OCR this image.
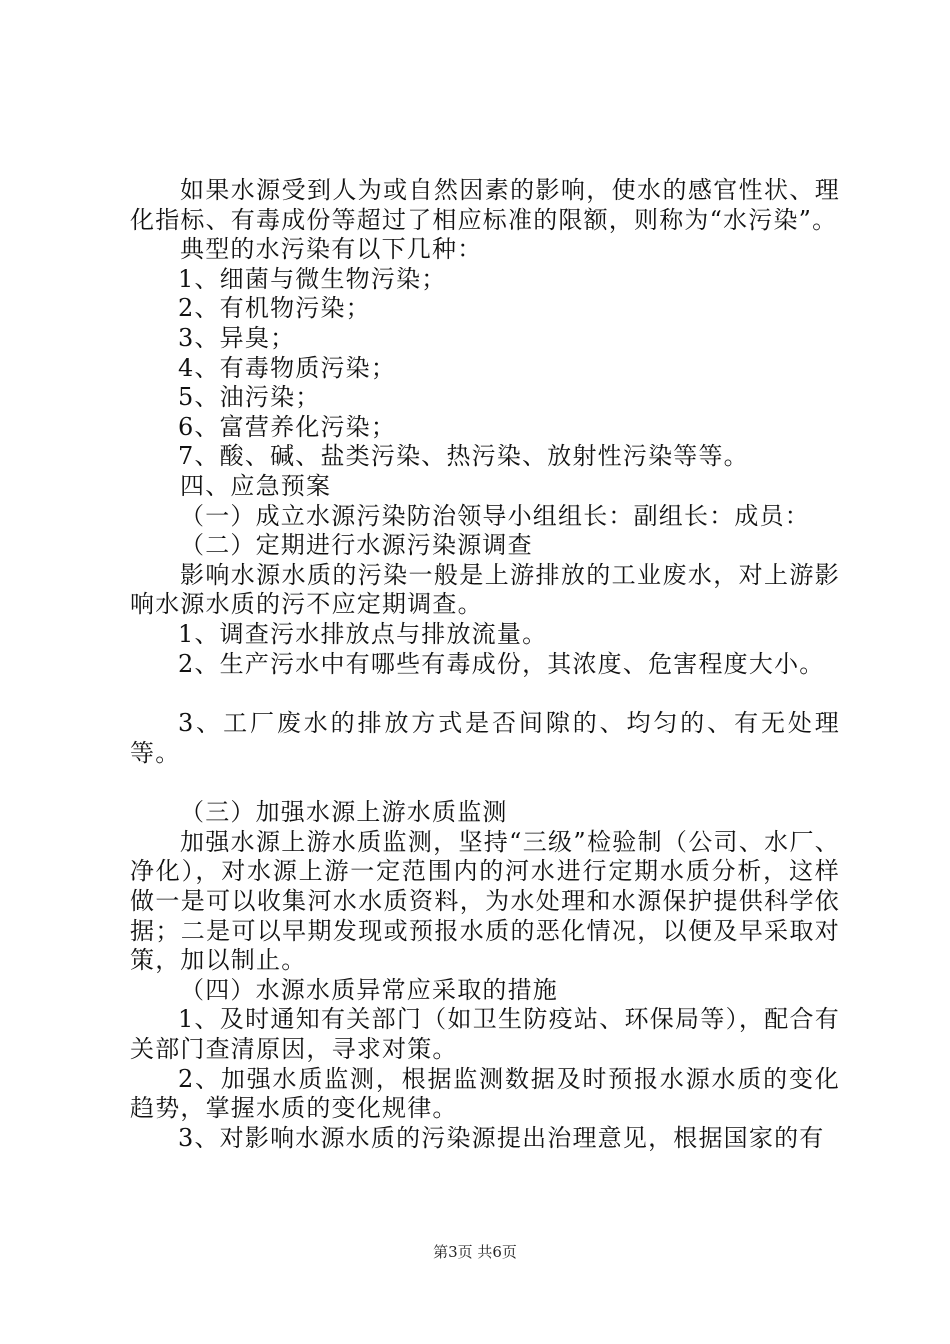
如果水源受到人为或自然因素的影响，使水的感官性状、理化指标、有毒成份等超过了相应标准的限额，则称为“水污染”。

典型的水污染有以下几种：

1、细菌与微生物污染；

2、有机物污染；

3、异臭；

4、有毒物质污染；

5、油污染；

6、富营养化污染；

7、酸、碱、盐类污染、热污染、放射性污染等等。

四、应急预案

（一）成立水源污染防治领导小组组长：副组长：成员：

（二）定期进行水源污染源调查

影响水源水质的污染一般是上游排放的工业废水，对上游影响水源水质的污不应定期调查。

1、调查污水排放点与排放流量。

2、生产污水中有哪些有毒成份，其浓度、危害程度大小。

3、工厂废水的排放方式是否间隙的、均匀的、有无处理等。

（三）加强水源上游水质监测

加强水源上游水质监测，坚持“三级”检验制（公司、水厂、净化），对水源上游一定范围内的河水进行定期水质分析，这样做一是可以收集河水水质资料，为水处理和水源保护提供科学依据；二是可以早期发现或预报水质的恶化情况，以便及早采取对策，加以制止。

（四）水源水质异常应采取的措施

1、及时通知有关部门（如卫生防疫站、环保局等），配合有关部门查清原因，寻求对策。

2、加强水质监测，根据监测数据及时预报水源水质的变化趋势，掌握水质的变化规律。

3、对影响水源水质的污染源提出治理意见，根据国家的有

第3页 共6页
